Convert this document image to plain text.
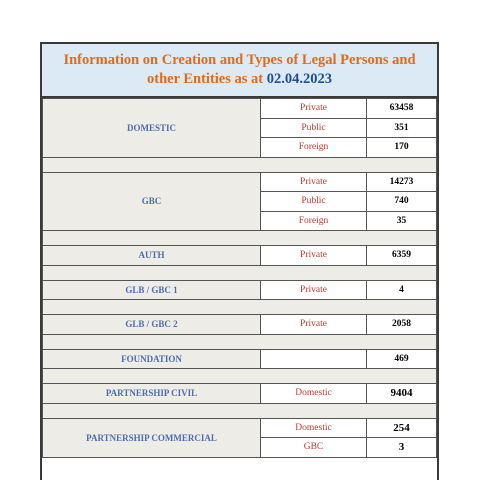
Information on Creation and Types of Legal Persons and
other Entities as at 02.04.2023
DOMESTIC	Private	63458
	Public	351
	Foreign	170

GBC	Private	14273
	Public	740
	Foreign	35

AUTH	Private	6359

GLB / GBC 1	Private	4

GLB / GBC 2	Private	2058

FOUNDATION		469

PARTNERSHIP CIVIL	Domestic	9404

PARTNERSHIP COMMERCIAL	Domestic	254
	GBC	3
